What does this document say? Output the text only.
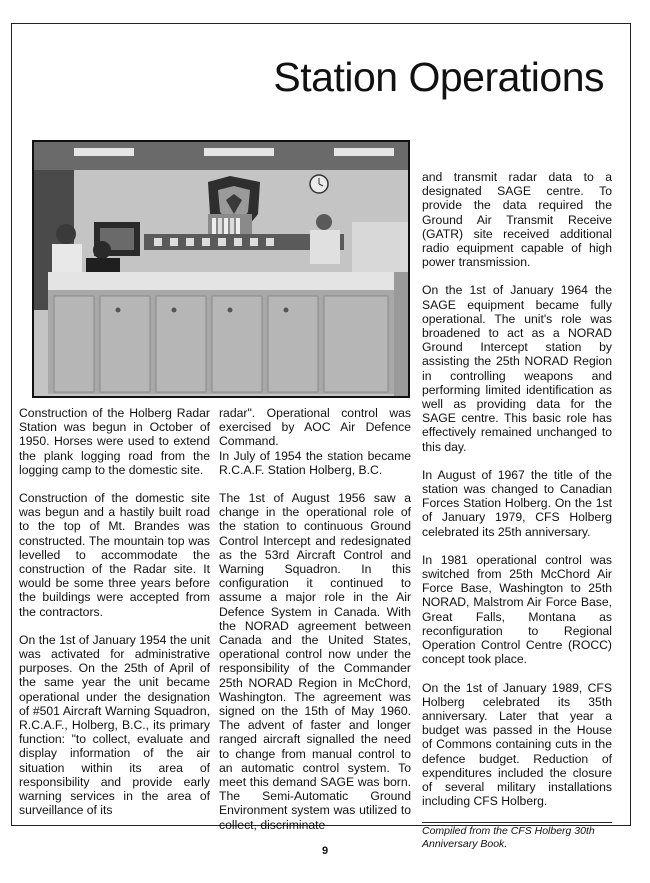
Station Operations

Construction of the Holberg Radar Station was begun in October of 1950. Horses were used to extend the plank logging road from the logging camp to the domestic site.

Construction of the domestic site was begun and a hastily built road to the top of Mt. Brandes was constructed. The mountain top was levelled to accommodate the construction of the Radar site. It would be some three years before the buildings were accepted from the contractors.

On the 1st of January 1954 the unit was activated for administrative purposes. On the 25th of April of the same year the unit became operational under the designation of #501 Aircraft Warning Squadron, R.C.A.F., Holberg, B.C., its primary function: "to collect, evaluate and display information of the air situation within its area of responsibility and provide early warning services in the area of surveillance of its

radar". Operational control was exercised by AOC Air Defence Command.

In July of 1954 the station became R.C.A.F. Station Holberg, B.C.

The 1st of August 1956 saw a change in the operational role of the station to continuous Ground Control Intercept and redesignated as the 53rd Aircraft Control and Warning Squadron. In this configuration it continued to assume a major role in the Air Defence System in Canada. With the NORAD agreement between Canada and the United States, operational control now under the responsibility of the Commander 25th NORAD Region in McChord, Washington. The agreement was signed on the 15th of May 1960. The advent of faster and longer ranged aircraft signalled the need to change from manual control to an automatic control system. To meet this demand SAGE was born. The Semi-Automatic Ground Environment system was utilized to collect, discriminate

and transmit radar data to a designated SAGE centre. To provide the data required the Ground Air Transmit Receive (GATR) site received additional radio equipment capable of high power transmission.

On the 1st of January 1964 the SAGE equipment became fully operational. The unit's role was broadened to act as a NORAD Ground Intercept station by assisting the 25th NORAD Region in controlling weapons and performing limited identification as well as providing data for the SAGE centre. This basic role has effectively remained unchanged to this day.

In August of 1967 the title of the station was changed to Canadian Forces Station Holberg. On the 1st of January 1979, CFS Holberg celebrated its 25th anniversary.

In 1981 operational control was switched from 25th McChord Air Force Base, Washington to 25th NORAD, Malstrom Air Force Base, Great Falls, Montana as reconfiguration to Regional Operation Control Centre (ROCC) concept took place.

On the 1st of January 1989, CFS Holberg celebrated its 35th anniversary. Later that year a budget was passed in the House of Commons containing cuts in the defence budget. Reduction of expenditures included the closure of several military installations including CFS Holberg.

Compiled from the CFS Holberg 30th Anniversary Book.
9
